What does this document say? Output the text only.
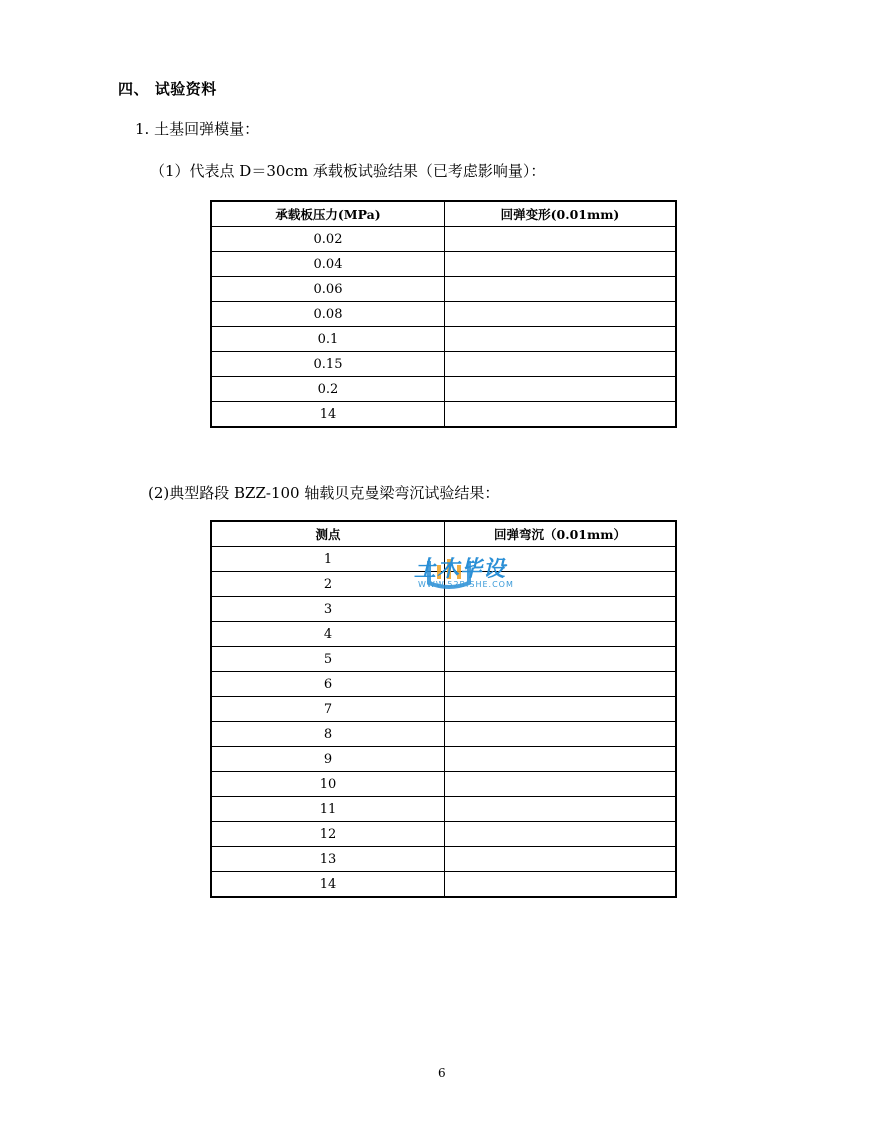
四、 试验资料
1. 土基回弹模量：
（1）代表点 D＝30cm 承载板试验结果（已考虑影响量）：
承载板压力(MPa)	回弹变形(0.01mm)
0.02	
0.04	
0.06	
0.08	
0.1	
0.15	
0.2	
14	
(2)典型路段 BZZ-100 轴载贝克曼梁弯沉试验结果：
测点	回弹弯沉（0.01mm）
1	
2	
3	
4	
5	
6	
7	
8	
9	
10	
11	
12	
13	
14	
土木毕设
WWW.52BISHE.COM
6
